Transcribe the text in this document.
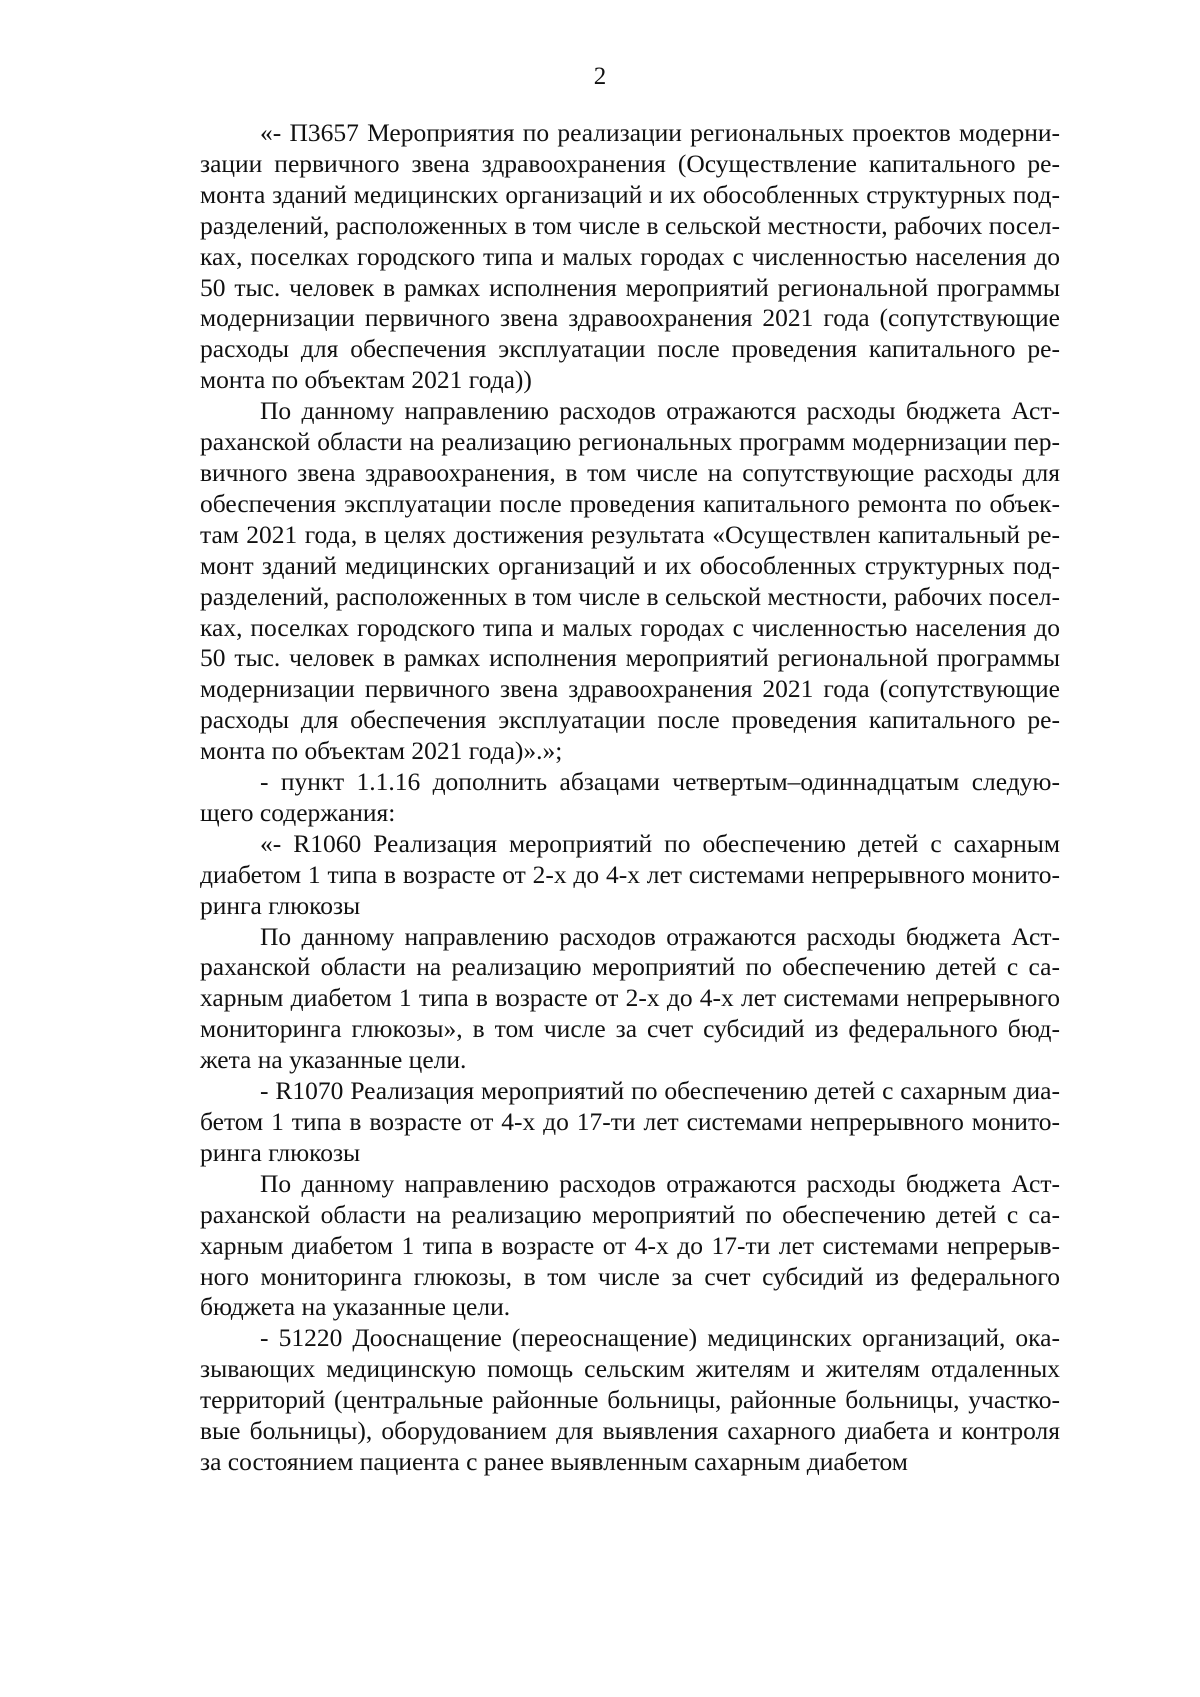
2

«- П3657 Мероприятия по реализации региональных проектов модернизации первичного звена здравоохранения (Осуществление капитального ремонта зданий медицинских организаций и их обособленных структурных подразделений, расположенных в том числе в сельской местности, рабочих поселках, поселках городского типа и малых городах с численностью населения до 50 тыс. человек в рамках исполнения мероприятий региональной программы модернизации первичного звена здравоохранения 2021 года (сопутствующие расходы для обеспечения эксплуатации после проведения капитального ремонта по объектам 2021 года))

По данному направлению расходов отражаются расходы бюджета Астраханской области на реализацию региональных программ модернизации первичного звена здравоохранения, в том числе на сопутствующие расходы для обеспечения эксплуатации после проведения капитального ремонта по объектам 2021 года, в целях достижения результата «Осуществлен капитальный ремонт зданий медицинских организаций и их обособленных структурных подразделений, расположенных в том числе в сельской местности, рабочих поселках, поселках городского типа и малых городах с численностью населения до 50 тыс. человек в рамках исполнения мероприятий региональной программы модернизации первичного звена здравоохранения 2021 года (сопутствующие расходы для обеспечения эксплуатации после проведения капитального ремонта по объектам 2021 года)».»;

- пункт 1.1.16 дополнить абзацами четвертым–одиннадцатым следующего содержания:

«- R1060 Реализация мероприятий по обеспечению детей с сахарным диабетом 1 типа в возрасте от 2-х до 4-х лет системами непрерывного мониторинга глюкозы

По данному направлению расходов отражаются расходы бюджета Астраханской области на реализацию мероприятий по обеспечению детей с сахарным диабетом 1 типа в возрасте от 2-х до 4-х лет системами непрерывного мониторинга глюкозы», в том числе за счет субсидий из федерального бюджета на указанные цели.

- R1070 Реализация мероприятий по обеспечению детей с сахарным диабетом 1 типа в возрасте от 4-х до 17-ти лет системами непрерывного мониторинга глюкозы

По данному направлению расходов отражаются расходы бюджета Астраханской области на реализацию мероприятий по обеспечению детей с сахарным диабетом 1 типа в возрасте от 4-х до 17-ти лет системами непрерывного мониторинга глюкозы, в том числе за счет субсидий из федерального бюджета на указанные цели.

- 51220 Дооснащение (переоснащение) медицинских организаций, оказывающих медицинскую помощь сельским жителям и жителям отдаленных территорий (центральные районные больницы, районные больницы, участковые больницы), оборудованием для выявления сахарного диабета и контроля за состоянием пациента с ранее выявленным сахарным диабетом
